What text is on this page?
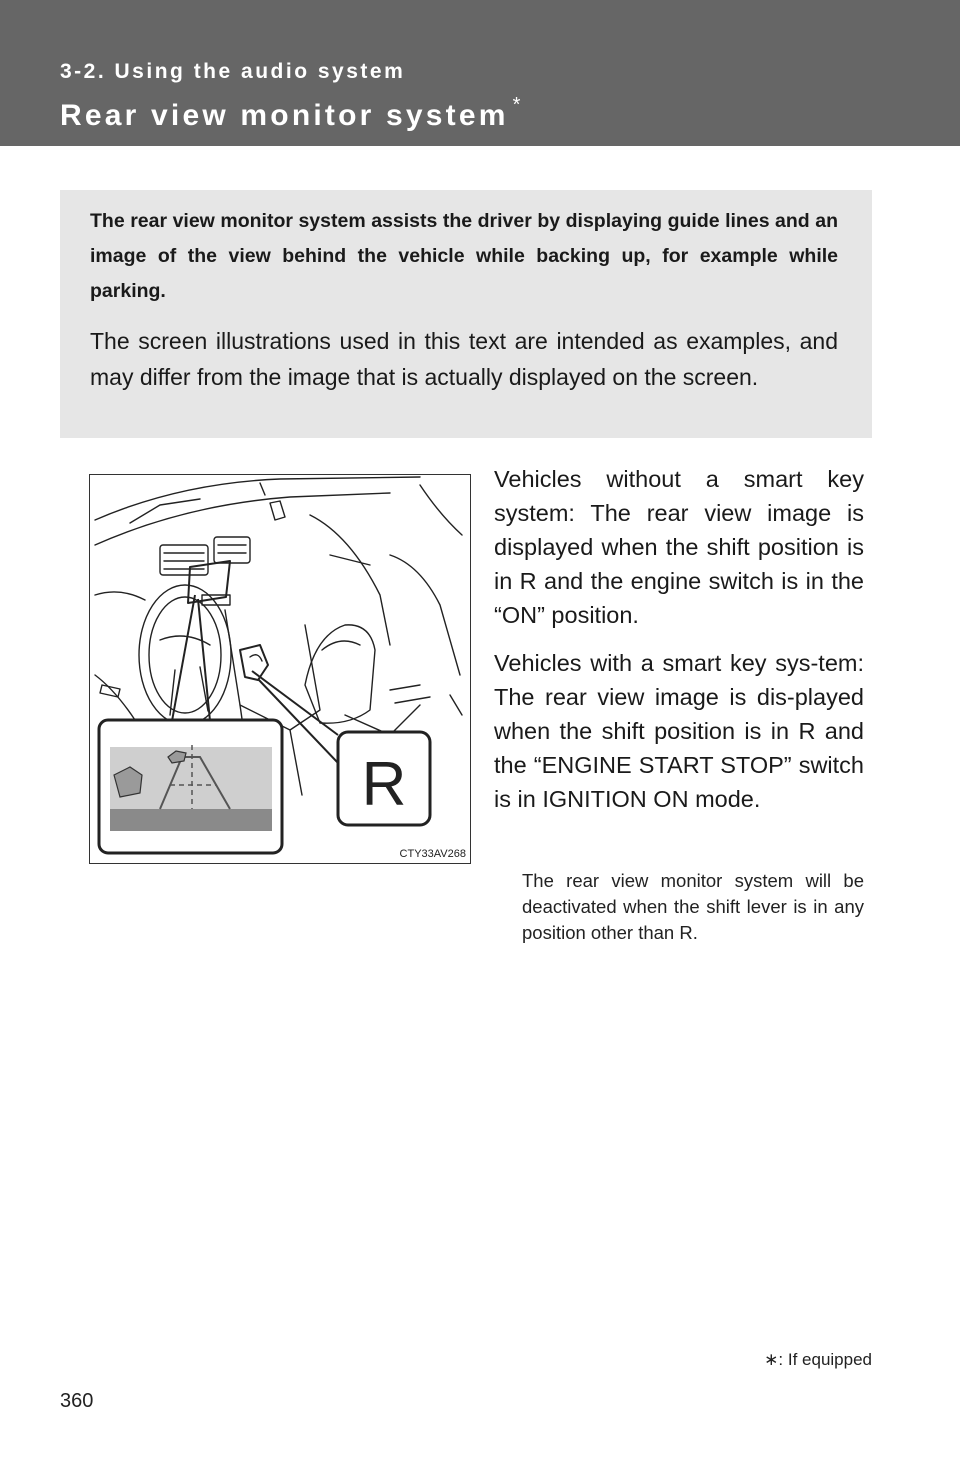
3-2. Using the audio system
Rear view monitor system *

The rear view monitor system assists the driver by displaying guide lines and an image of the view behind the vehicle while backing up, for example while parking.

The screen illustrations used in this text are intended as examples, and may differ from the image that is actually displayed on the screen.

R
CTY33AV268

Vehicles without a smart key system: The rear view image is displayed when the shift position is in R and the engine switch is in the “ON” position.

Vehicles with a smart key sys-tem: The rear view image is dis-played when the shift position is in R and the “ENGINE START STOP” switch is in IGNITION ON mode.

The rear view monitor system will be deactivated when the shift lever is in any position other than R.
∗: If equipped
360
